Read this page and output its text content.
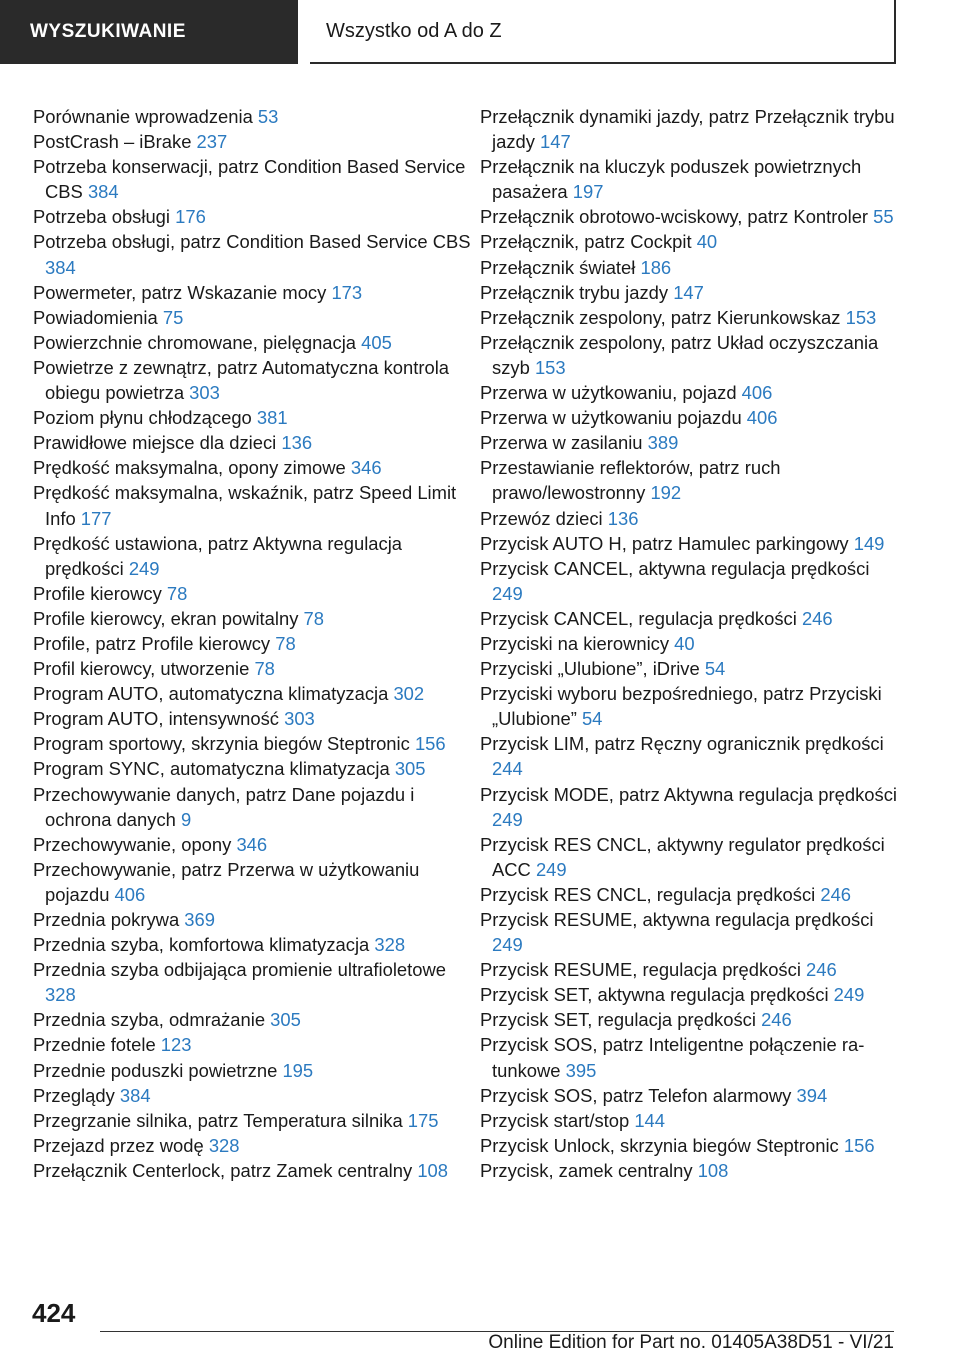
WYSZUKIWANIE	Wszystko od A do Z
Porównanie wprowadzenia 53
PostCrash – iBrake 237
Potrzeba konserwacji, patrz Condition Based Service CBS 384
Potrzeba obsługi 176
Potrzeba obsługi, patrz Condition Based Service CBS 384
Powermeter, patrz Wskazanie mocy 173
Powiadomienia 75
Powierzchnie chromowane, pielęgnacja 405
Powietrze z zewnątrz, patrz Automatyczna kontrola obiegu powietrza 303
Poziom płynu chłodzącego 381
Prawidłowe miejsce dla dzieci 136
Prędkość maksymalna, opony zimowe 346
Prędkość maksymalna, wskaźnik, patrz Speed Limit Info 177
Prędkość ustawiona, patrz Aktywna regulacja prędkości 249
Profile kierowcy 78
Profile kierowcy, ekran powitalny 78
Profile, patrz Profile kierowcy 78
Profil kierowcy, utworzenie 78
Program AUTO, automatyczna klimatyzacja 302
Program AUTO, intensywność 303
Program sportowy, skrzynia biegów Steptronic 156
Program SYNC, automatyczna klimatyzacja 305
Przechowywanie danych, patrz Dane pojazdu i ochrona danych 9
Przechowywanie, opony 346
Przechowywanie, patrz Przerwa w użytkowaniu pojazdu 406
Przednia pokrywa 369
Przednia szyba, komfortowa klimatyzacja 328
Przednia szyba odbijająca promienie ultrafioletowe 328
Przednia szyba, odmrażanie 305
Przednie fotele 123
Przednie poduszki powietrzne 195
Przeglądy 384
Przegrzanie silnika, patrz Temperatura silnika 175
Przejazd przez wodę 328
Przełącznik Centerlock, patrz Zamek centralny 108
Przełącznik dynamiki jazdy, patrz Przełącznik trybu jazdy 147
Przełącznik na kluczyk poduszek powietrznych pasażera 197
Przełącznik obrotowo-wciskowy, patrz Kontroler 55
Przełącznik, patrz Cockpit 40
Przełącznik świateł 186
Przełącznik trybu jazdy 147
Przełącznik zespolony, patrz Kierunkowskaz 153
Przełącznik zespolony, patrz Układ oczyszczania szyb 153
Przerwa w użytkowaniu, pojazd 406
Przerwa w użytkowaniu pojazdu 406
Przerwa w zasilaniu 389
Przestawianie reflektorów, patrz ruch prawo/lewostronny 192
Przewóz dzieci 136
Przycisk AUTO H, patrz Hamulec parkingowy 149
Przycisk CANCEL, aktywna regulacja prędkości 249
Przycisk CANCEL, regulacja prędkości 246
Przyciski na kierownicy 40
Przyciski „Ulubione”, iDrive 54
Przyciski wyboru bezpośredniego, patrz Przyciski „Ulubione” 54
Przycisk LIM, patrz Ręczny ogranicznik prędkości 244
Przycisk MODE, patrz Aktywna regulacja prędkości 249
Przycisk RES CNCL, aktywny regulator prędkości ACC 249
Przycisk RES CNCL, regulacja prędkości 246
Przycisk RESUME, aktywna regulacja prędkości 249
Przycisk RESUME, regulacja prędkości 246
Przycisk SET, aktywna regulacja prędkości 249
Przycisk SET, regulacja prędkości 246
Przycisk SOS, patrz Inteligentne połączenie ratunkowe 395
Przycisk SOS, patrz Telefon alarmowy 394
Przycisk start/stop 144
Przycisk Unlock, skrzynia biegów Steptronic 156
Przycisk, zamek centralny 108
424
Online Edition for Part no. 01405A38D51 - VI/21
